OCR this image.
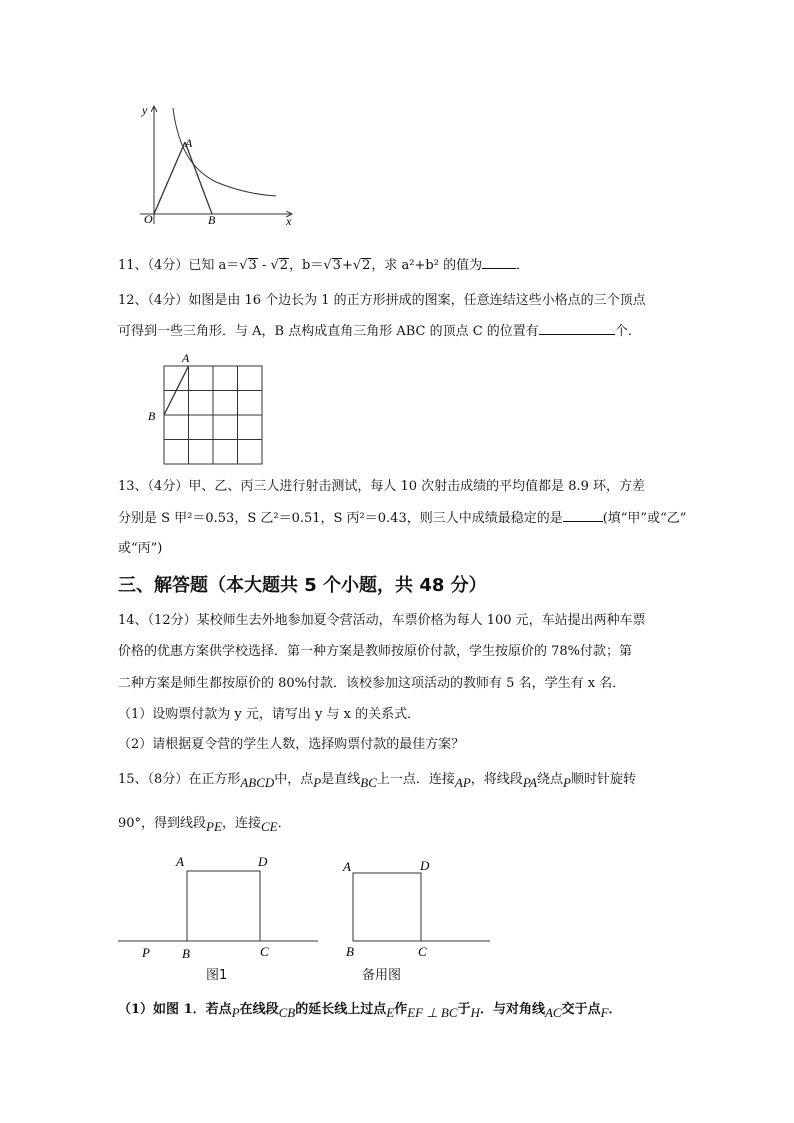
y
x
O
A
B
11、（4分）已知 a＝√3 - √2，b＝√3+√2，求 a²+b² 的值为	．
12、（4分）如图是由 16 个边长为 1 的正方形拼成的图案，任意连结这些小格点的三个顶点
可得到一些三角形．与 A，B 点构成直角三角形 ABC 的顶点 C 的位置有	个．
A
B
13、（4分）甲、乙、丙三人进行射击测试，每人 10 次射击成绩的平均值都是 8.9 环，方差
分别是 S 甲²＝0.53，S 乙²＝0.51，S 丙²＝0.43，则三人中成绩最稳定的是	(填“甲”或“乙”
或“丙”)
三、解答题（本大题共 5 个小题，共 48 分）
14、（12分）某校师生去外地参加夏令营活动，车票价格为每人 100 元，车站提出两种车票
价格的优惠方案供学校选择．第一种方案是教师按原价付款，学生按原价的 78%付款；第
二种方案是师生都按原价的 80%付款．该校参加这项活动的教师有 5 名，学生有 x 名．
（1）设购票付款为 y 元，请写出 y 与 x 的关系式．
（2）请根据夏令营的学生人数，选择购票付款的最佳方案？
15、（8分）在正方形ABCD中，点P是直线BC上一点．连接AP，将线段PA绕点P顺时针旋转
90°，得到线段PE，连接CE．
A	D
P B	C
图1
A	D
B	C
备用图
（1）如图 1．若点P在线段CB的延长线上过点E作EF ⊥ BC于H．与对角线AC交于点F．
